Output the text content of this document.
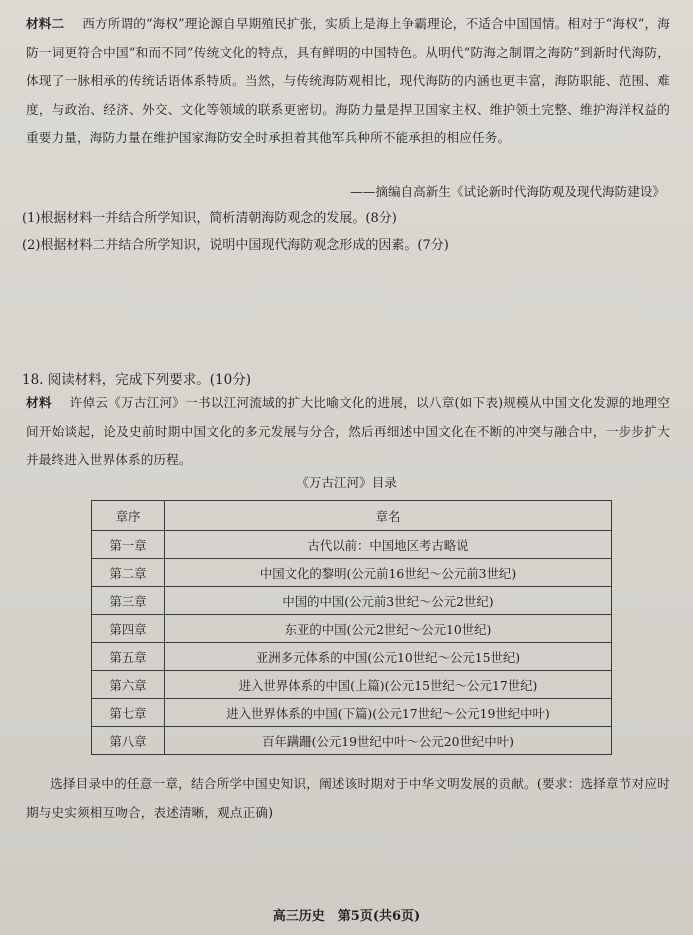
材料二 西方所谓的“海权”理论源自早期殖民扩张，实质上是海上争霸理论，不适合中国国情。相对于“海权”，海防一词更符合中国“和而不同”传统文化的特点，具有鲜明的中国特色。从明代“防海之制谓之海防”到新时代海防，体现了一脉相承的传统话语体系特质。当然，与传统海防观相比，现代海防的内涵也更丰富，海防职能、范围、难度，与政治、经济、外交、文化等领域的联系更密切。海防力量是捍卫国家主权、维护领土完整、维护海洋权益的重要力量，海防力量在维护国家海防安全时承担着其他军兵种所不能承担的相应任务。
——摘编自高新生《试论新时代海防观及现代海防建设》
(1)根据材料一并结合所学知识，简析清朝海防观念的发展。(8分)
(2)根据材料二并结合所学知识，说明中国现代海防观念形成的因素。(7分)
18. 阅读材料，完成下列要求。(10分)
材料 许倬云《万古江河》一书以江河流域的扩大比喻文化的进展，以八章(如下表)规模从中国文化发源的地理空间开始谈起，论及史前时期中国文化的多元发展与分合，然后再细述中国文化在不断的冲突与融合中，一步步扩大并最终进入世界体系的历程。
《万古江河》目录
章序	章名
第一章	古代以前：中国地区考古略说
第二章	中国文化的黎明(公元前16世纪～公元前3世纪)
第三章	中国的中国(公元前3世纪～公元2世纪)
第四章	东亚的中国(公元2世纪～公元10世纪)
第五章	亚洲多元体系的中国(公元10世纪～公元15世纪)
第六章	进入世界体系的中国(上篇)(公元15世纪～公元17世纪)
第七章	进入世界体系的中国(下篇)(公元17世纪～公元19世纪中叶)
第八章	百年蹒跚(公元19世纪中叶～公元20世纪中叶)
选择目录中的任意一章，结合所学中国史知识，阐述该时期对于中华文明发展的贡献。(要求：选择章节对应时期与史实须相互吻合，表述清晰，观点正确)
高三历史　第5页(共6页)
